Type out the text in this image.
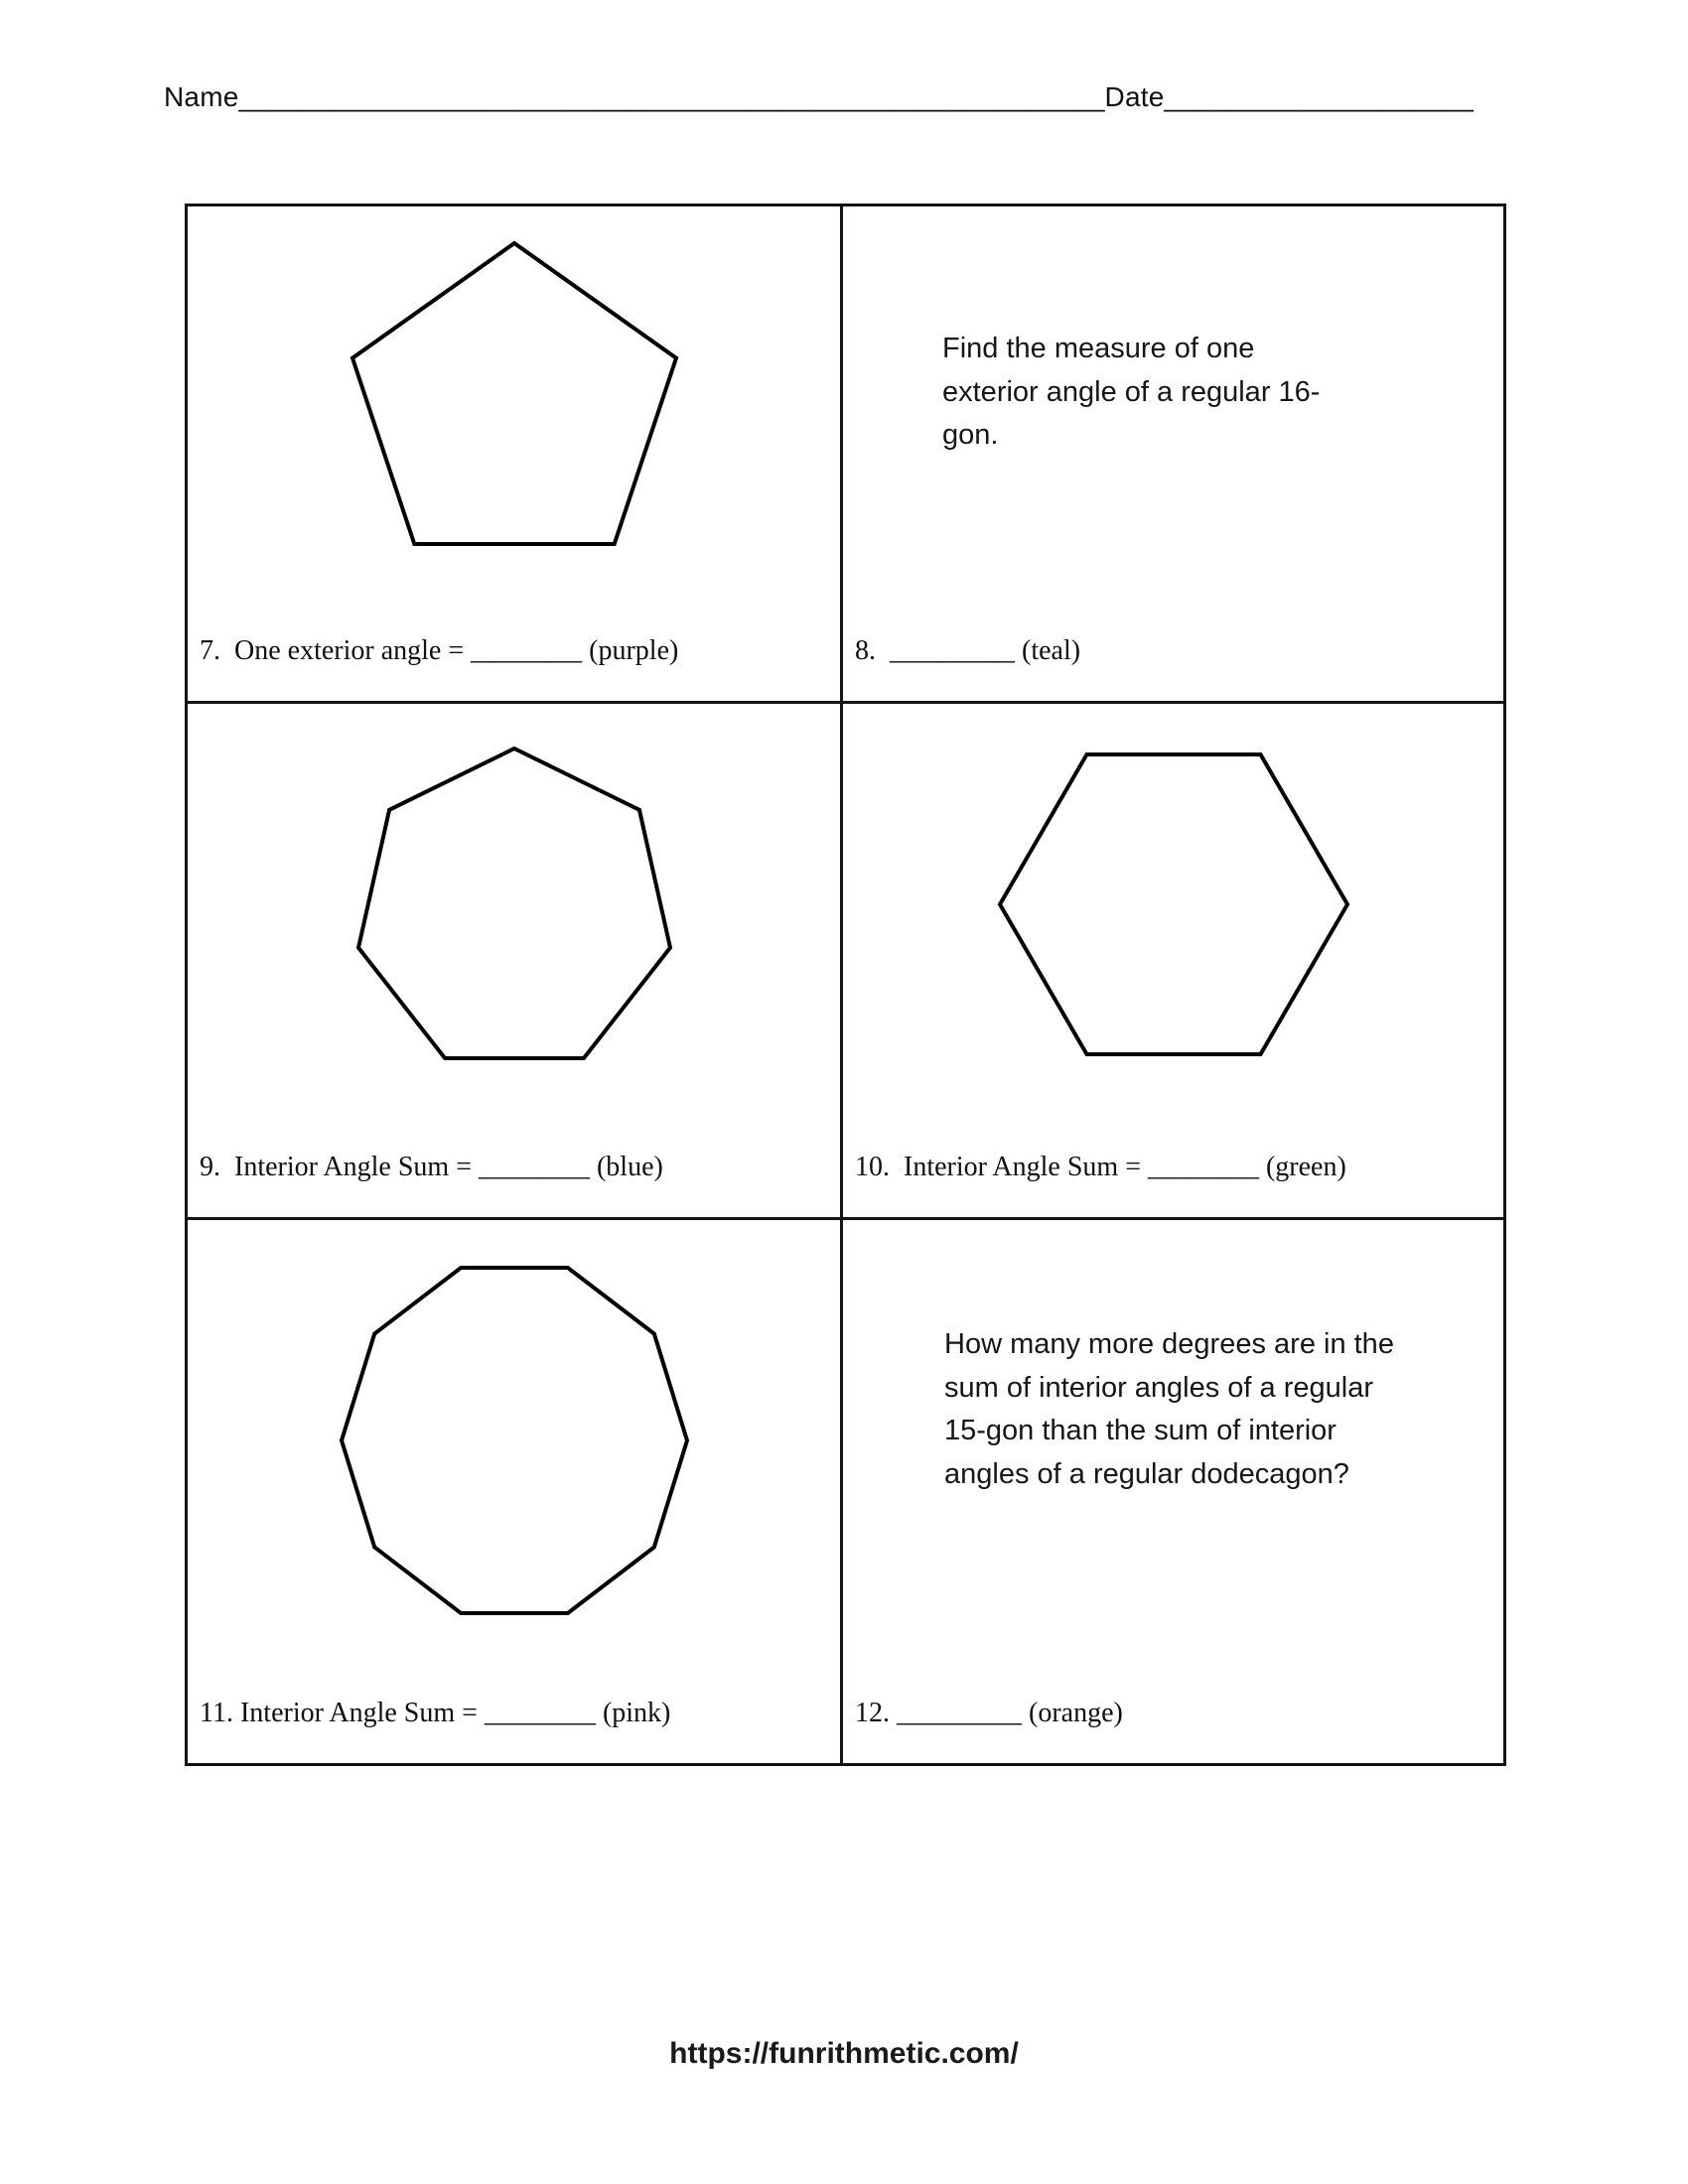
Name________________________________________________________Date____________________
7.  One exterior angle = ________ (purple)
Find the measure of one exterior angle of a regular 16-gon.
8.  _________ (teal)
9.  Interior Angle Sum = ________ (blue)	10.  Interior Angle Sum = ________ (green)
11. Interior Angle Sum = ________ (pink)
How many more degrees are in the sum of interior angles of a regular 15-gon than the sum of interior angles of a regular dodecagon?
12. _________ (orange)
https://funrithmetic.com/
